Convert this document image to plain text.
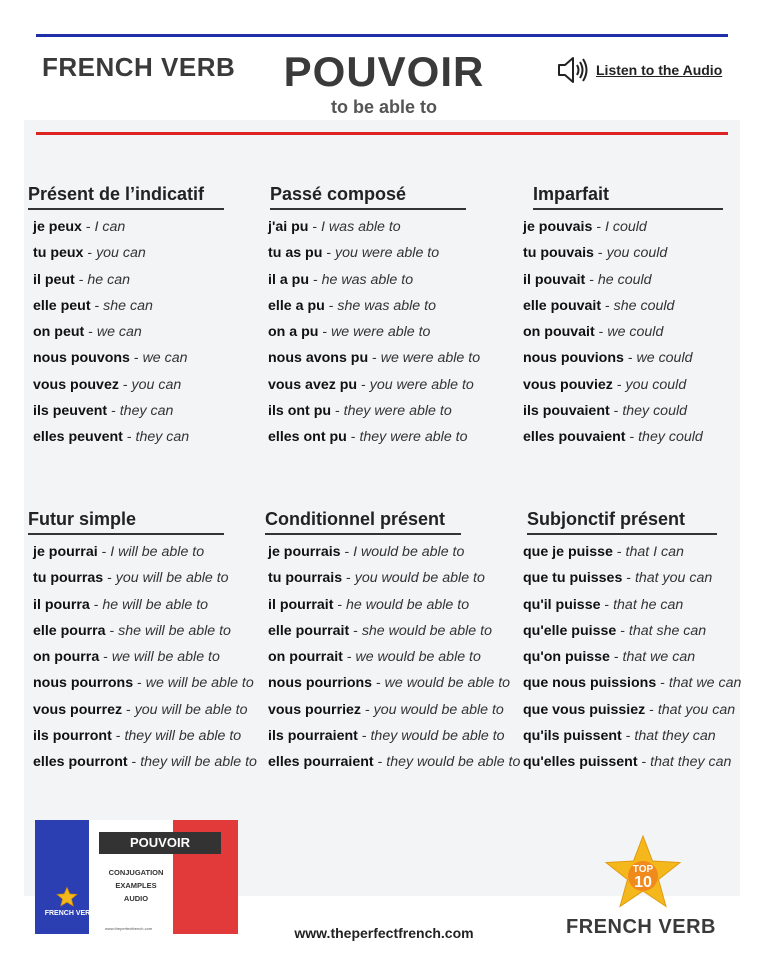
FRENCH VERB	POUVOIR
to be able to
Listen to the Audio
Présent de l’indicatif
je peux - I can
tu peux - you can
il peut - he can
elle peut - she can
on peut - we can
nous pouvons - we can
vous pouvez - you can
ils peuvent - they can
elles peuvent - they can
Passé composé
j'ai pu - I was able to
tu as pu - you were able to
il a pu - he was able to
elle a pu - she was able to
on a pu - we were able to
nous avons pu - we were able to
vous avez pu - you were able to
ils ont pu - they were able to
elles ont pu - they were able to
Imparfait
je pouvais - I could
tu pouvais - you could
il pouvait - he could
elle pouvait - she could
on pouvait - we could
nous pouvions - we could
vous pouviez - you could
ils pouvaient - they could
elles pouvaient - they could
Futur simple
je pourrai - I will be able to
tu pourras - you will be able to
il pourra - he will be able to
elle pourra - she will be able to
on pourra - we will be able to
nous pourrons - we will be able to
vous pourrez - you will be able to
ils pourront - they will be able to
elles pourront - they will be able to
Conditionnel présent
je pourrais - I would be able to
tu pourrais - you would be able to
il pourrait - he would be able to
elle pourrait - she would be able to
on pourrait - we would be able to
nous pourrions - we would be able to
vous pourriez - you would be able to
ils pourraient - they would be able to
elles pourraient - they would be able to
Subjonctif présent
que je puisse - that I can
que tu puisses - that you can
qu'il puisse - that he can
qu'elle puisse - that she can
qu'on puisse - that we can
que nous puissions - that we can
que vous puissiez - that you can
qu'ils puissent - that they can
qu'elles puissent - that they can
POUVOIR
CONJUGATION
EXAMPLES
AUDIO
FRENCH VERB
www.theperfectfrench.com	www.theperfectfrench.com
TOP
10
FRENCH VERB
